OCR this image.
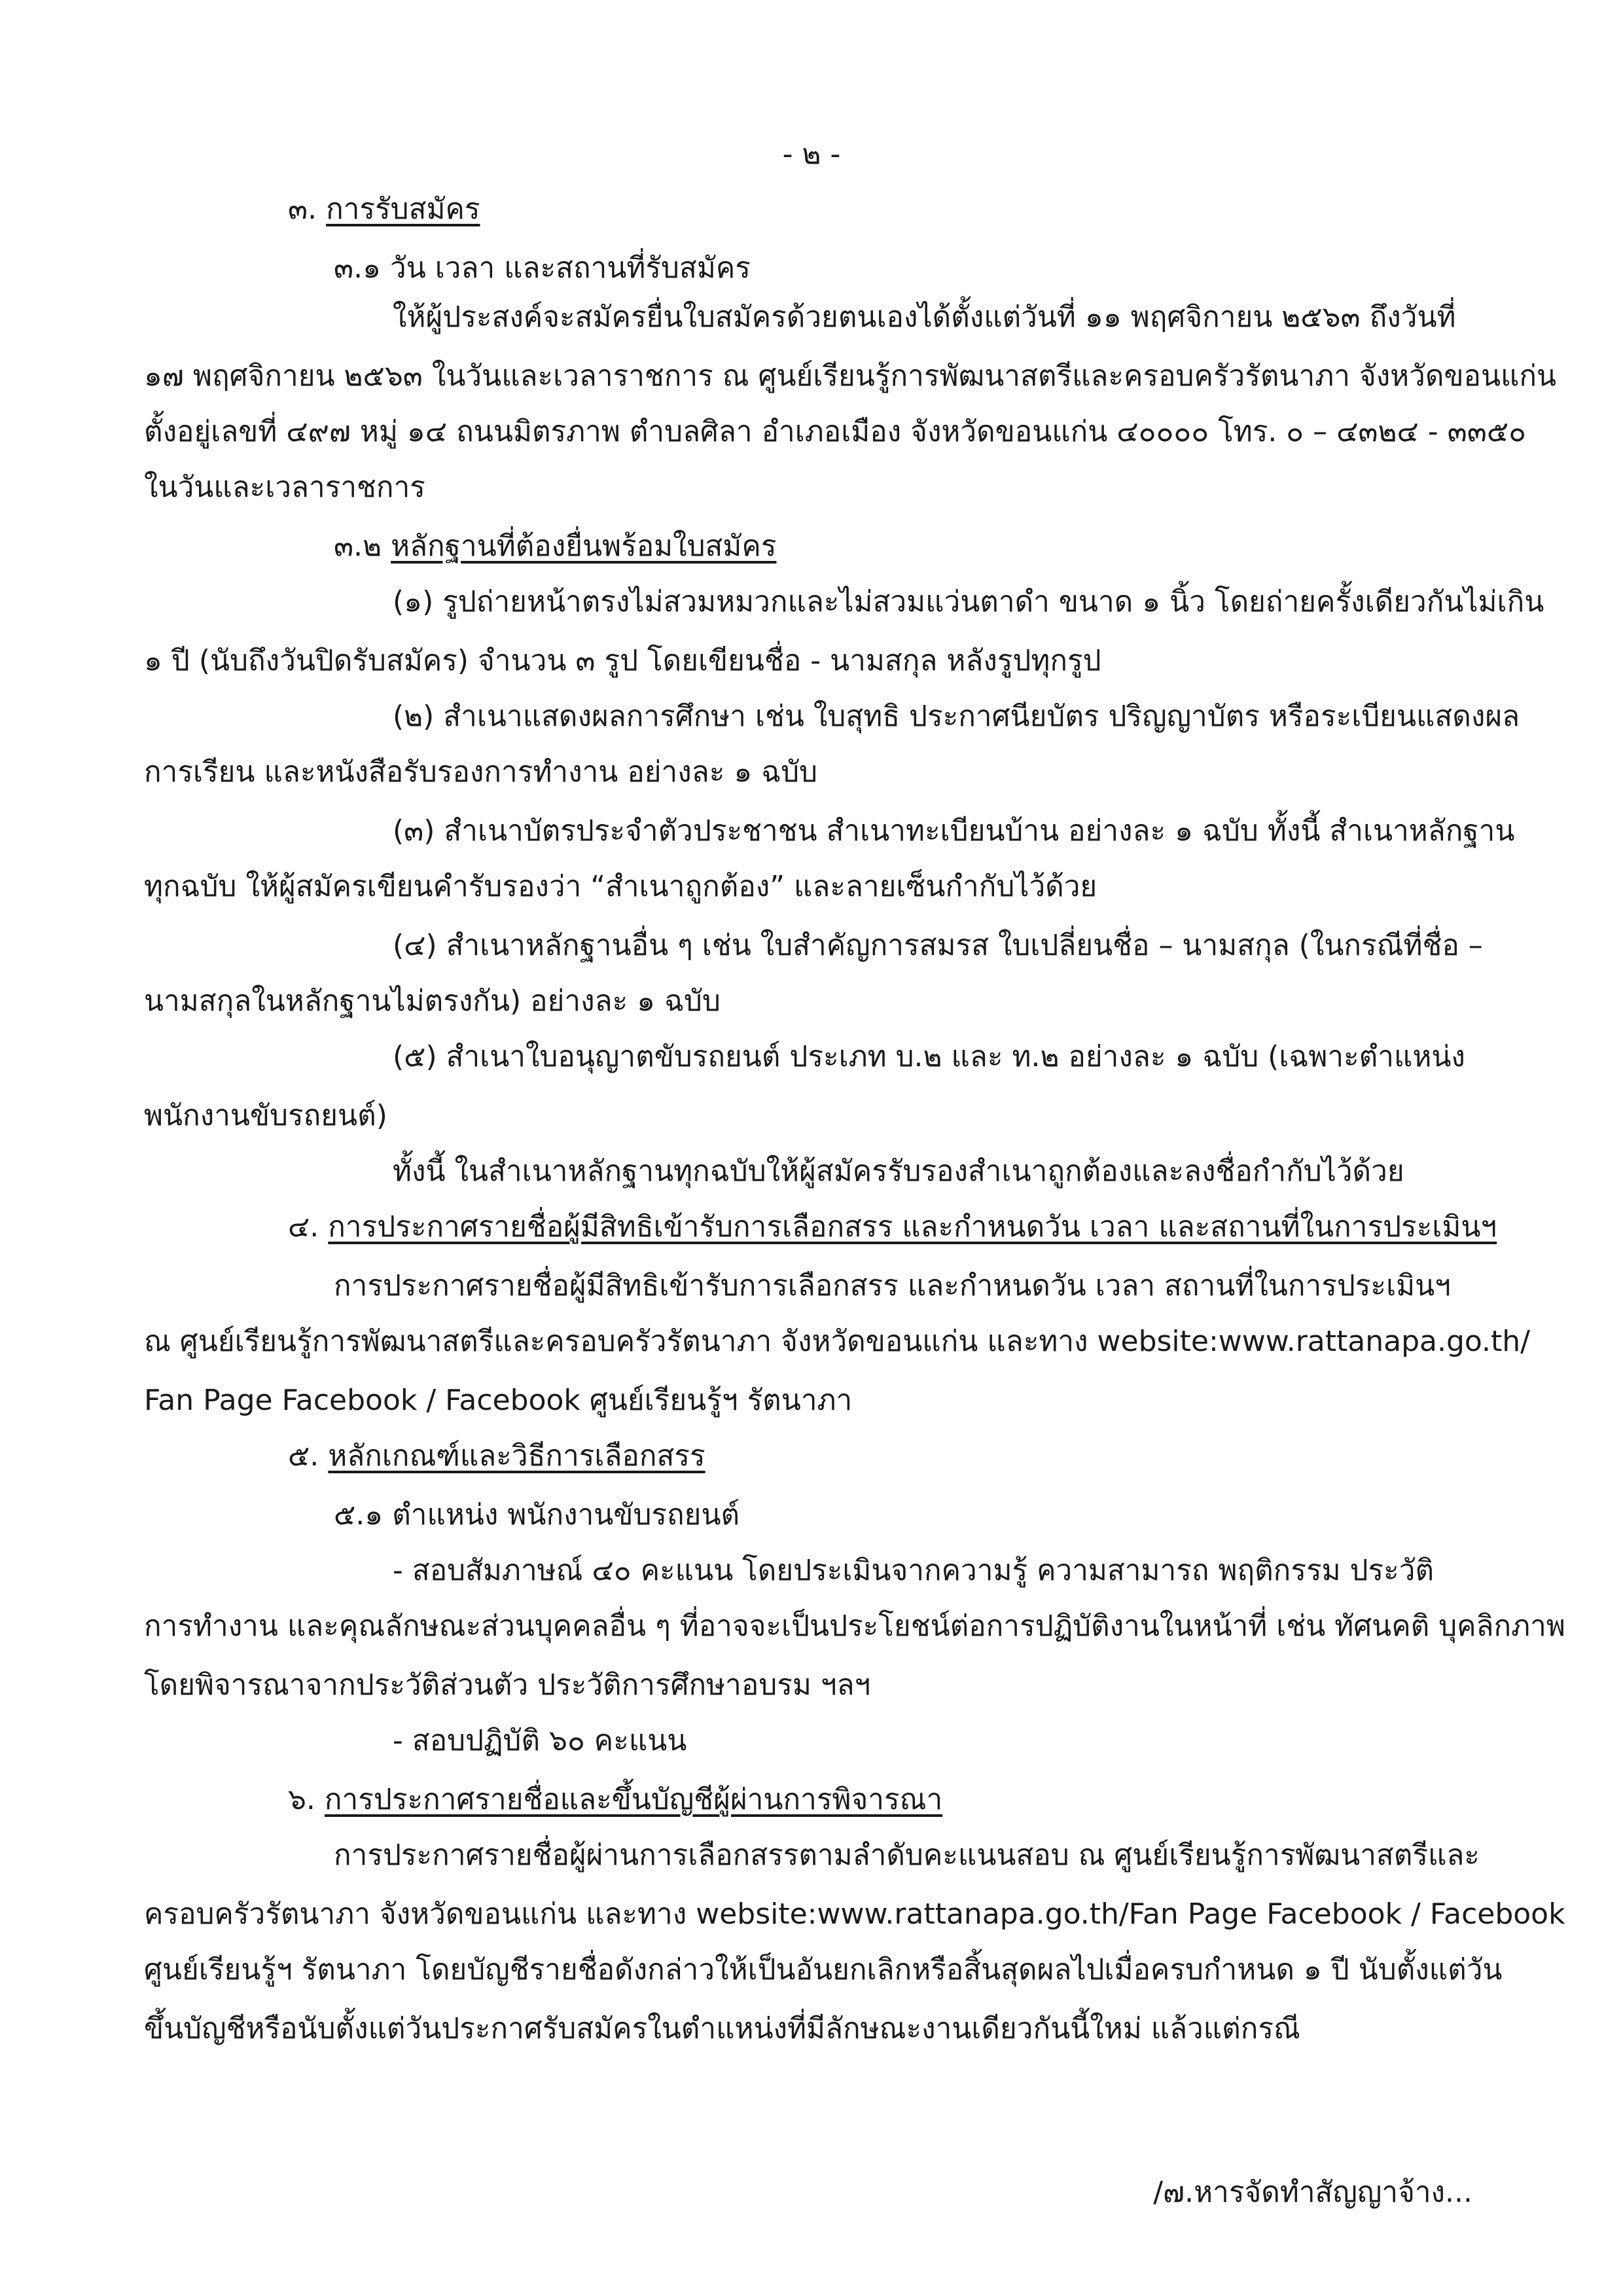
- ๒ -
๓. การรับสมัคร
๓.๑ วัน เวลา และสถานที่รับสมัคร
ให้ผู้ประสงค์จะสมัครยื่นใบสมัครด้วยตนเองได้ตั้งแต่วันที่ ๑๑ พฤศจิกายน ๒๕๖๓ ถึงวันที่
๑๗ พฤศจิกายน ๒๕๖๓ ในวันและเวลาราชการ ณ ศูนย์เรียนรู้การพัฒนาสตรีและครอบครัวรัตนาภา จังหวัดขอนแก่น
ตั้งอยู่เลขที่ ๔๙๗ หมู่ ๑๔ ถนนมิตรภาพ ตำบลศิลา อำเภอเมือง จังหวัดขอนแก่น ๔๐๐๐๐ โทร. ๐ – ๔๓๒๔ - ๓๓๕๐
ในวันและเวลาราชการ
๓.๒ หลักฐานที่ต้องยื่นพร้อมใบสมัคร
(๑) รูปถ่ายหน้าตรงไม่สวมหมวกและไม่สวมแว่นตาดำ ขนาด ๑ นิ้ว โดยถ่ายครั้งเดียวกันไม่เกิน
๑ ปี (นับถึงวันปิดรับสมัคร) จำนวน ๓ รูป โดยเขียนชื่อ - นามสกุล หลังรูปทุกรูป
(๒) สำเนาแสดงผลการศึกษา เช่น ใบสุทธิ ประกาศนียบัตร ปริญญาบัตร หรือระเบียนแสดงผล
การเรียน และหนังสือรับรองการทำงาน อย่างละ ๑ ฉบับ
(๓) สำเนาบัตรประจำตัวประชาชน สำเนาทะเบียนบ้าน อย่างละ ๑ ฉบับ ทั้งนี้ สำเนาหลักฐาน
ทุกฉบับ ให้ผู้สมัครเขียนคำรับรองว่า “สำเนาถูกต้อง” และลายเซ็นกำกับไว้ด้วย
(๔) สำเนาหลักฐานอื่น ๆ เช่น ใบสำคัญการสมรส ใบเปลี่ยนชื่อ – นามสกุล (ในกรณีที่ชื่อ –
นามสกุลในหลักฐานไม่ตรงกัน) อย่างละ ๑ ฉบับ
(๕) สำเนาใบอนุญาตขับรถยนต์ ประเภท บ.๒ และ ท.๒ อย่างละ ๑ ฉบับ (เฉพาะตำแหน่ง
พนักงานขับรถยนต์)
ทั้งนี้ ในสำเนาหลักฐานทุกฉบับให้ผู้สมัครรับรองสำเนาถูกต้องและลงชื่อกำกับไว้ด้วย
๔. การประกาศรายชื่อผู้มีสิทธิเข้ารับการเลือกสรร และกำหนดวัน เวลา และสถานที่ในการประเมินฯ
การประกาศรายชื่อผู้มีสิทธิเข้ารับการเลือกสรร และกำหนดวัน เวลา สถานที่ในการประเมินฯ
ณ ศูนย์เรียนรู้การพัฒนาสตรีและครอบครัวรัตนาภา จังหวัดขอนแก่น และทาง website:www.rattanapa.go.th/
Fan Page Facebook / Facebook ศูนย์เรียนรู้ฯ รัตนาภา
๕. หลักเกณฑ์และวิธีการเลือกสรร
๕.๑ ตำแหน่ง พนักงานขับรถยนต์
- สอบสัมภาษณ์ ๔๐ คะแนน โดยประเมินจากความรู้ ความสามารถ พฤติกรรม ประวัติ
การทำงาน และคุณลักษณะส่วนบุคคลอื่น ๆ ที่อาจจะเป็นประโยชน์ต่อการปฏิบัติงานในหน้าที่ เช่น ทัศนคติ บุคลิกภาพ
โดยพิจารณาจากประวัติส่วนตัว ประวัติการศึกษาอบรม ฯลฯ
- สอบปฏิบัติ ๖๐ คะแนน
๖. การประกาศรายชื่อและขึ้นบัญชีผู้ผ่านการพิจารณา
การประกาศรายชื่อผู้ผ่านการเลือกสรรตามลำดับคะแนนสอบ ณ ศูนย์เรียนรู้การพัฒนาสตรีและ
ครอบครัวรัตนาภา จังหวัดขอนแก่น และทาง website:www.rattanapa.go.th/Fan Page Facebook / Facebook
ศูนย์เรียนรู้ฯ รัตนาภา โดยบัญชีรายชื่อดังกล่าวให้เป็นอันยกเลิกหรือสิ้นสุดผลไปเมื่อครบกำหนด ๑ ปี นับตั้งแต่วัน
ขึ้นบัญชีหรือนับตั้งแต่วันประกาศรับสมัครในตำแหน่งที่มีลักษณะงานเดียวกันนี้ใหม่ แล้วแต่กรณี
/๗.หารจัดทำสัญญาจ้าง...
